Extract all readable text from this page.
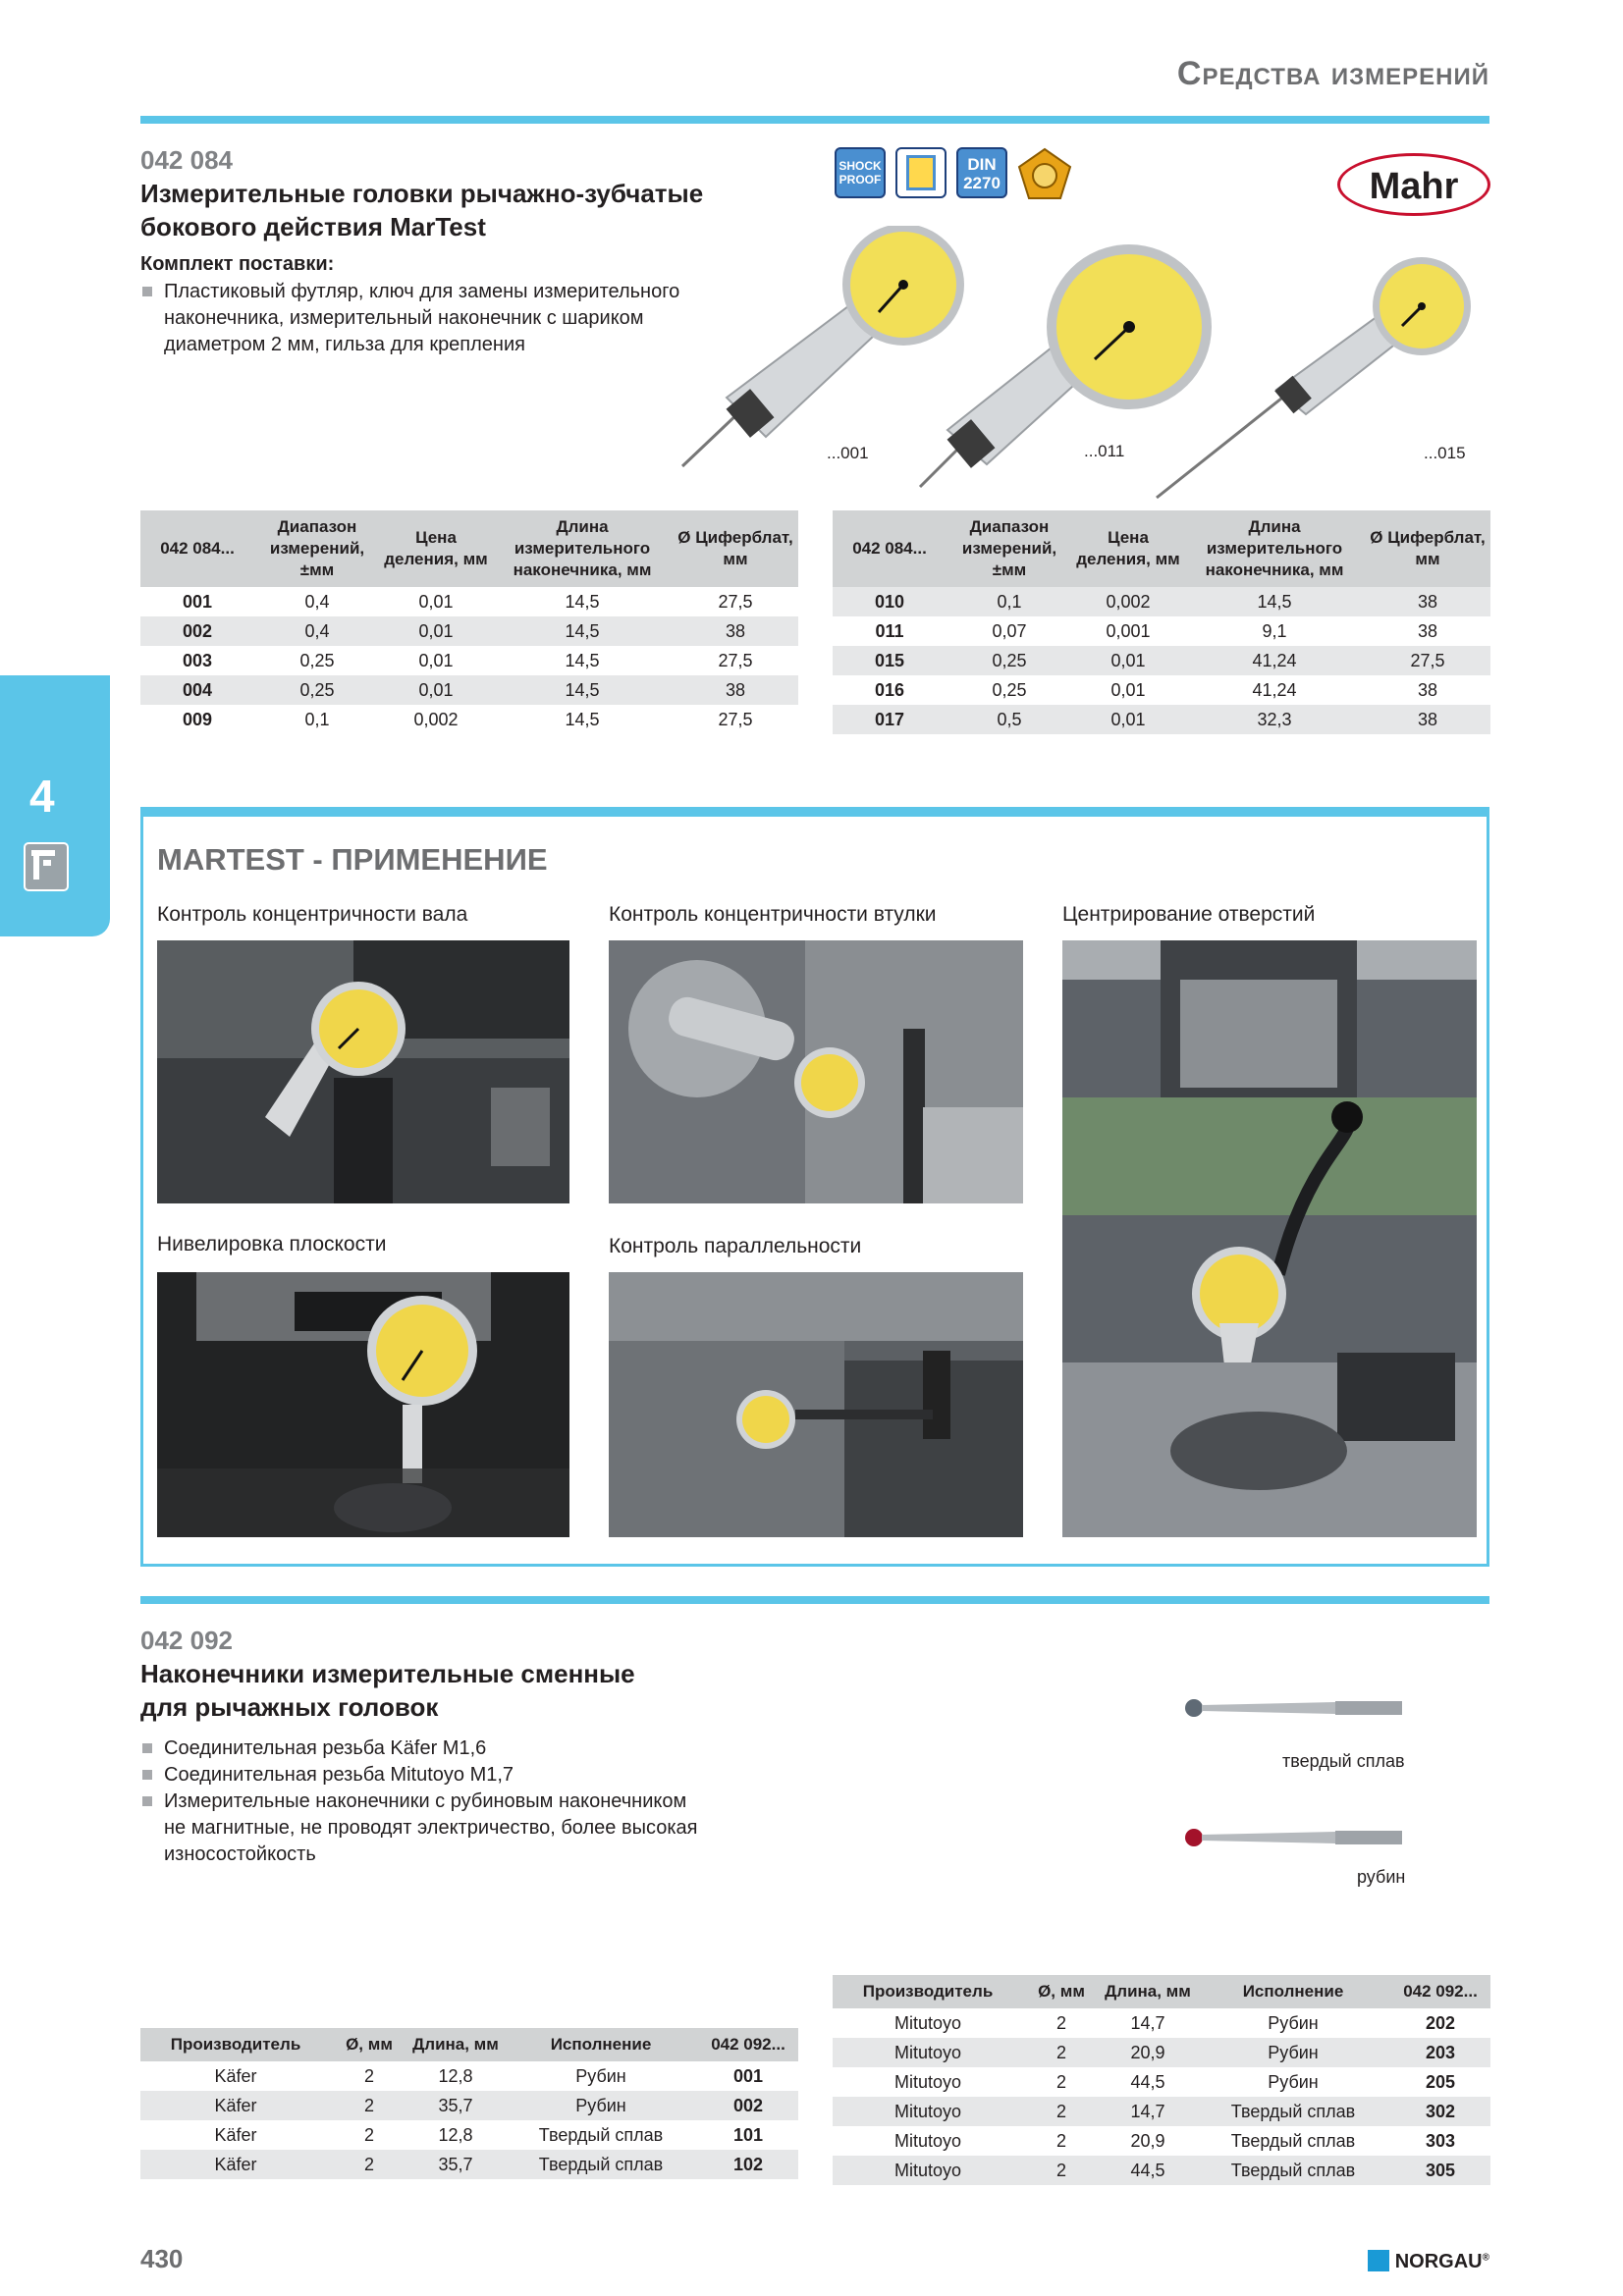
Средства измерений
4
042 084
Измерительные головки рычажно-зубчатые
бокового действия MarTest
Комплект поставки:
Пластиковый футляр, ключ для замены измерительного
наконечника, измерительный наконечник с шариком
диаметром 2 мм, гильза для крепления
SHOCK
PROOF
DIN
2270	Mahr
...001	...011	...015
042 084...	Диапазон измерений, ±мм	Цена деления, мм	Длина измерительного наконечника, мм	Ø Циферблат, мм
001	0,4	0,01	14,5	27,5
002	0,4	0,01	14,5	38
003	0,25	0,01	14,5	27,5
004	0,25	0,01	14,5	38
009	0,1	0,002	14,5	27,5
042 084...	Диапазон измерений, ±мм	Цена деления, мм	Длина измерительного наконечника, мм	Ø Циферблат, мм
010	0,1	0,002	14,5	38
011	0,07	0,001	9,1	38
015	0,25	0,01	41,24	27,5
016	0,25	0,01	41,24	38
017	0,5	0,01	32,3	38
MARTEST - ПРИМЕНЕНИЕ
Контроль концентричности вала	Контроль концентричности втулки	Центрирование отверстий
Нивелировка плоскости	Контроль параллельности
042 092
Наконечники измерительные сменные
для рычажных головок
Соединительная резьба Käfer M1,6
Соединительная резьба Mitutoyo M1,7
Измерительные наконечники с рубиновым наконечником
не магнитные, не проводят электричество, более высокая
износостойкость
твердый сплав
рубин
Производитель	Ø, мм	Длина, мм	Исполнение	042 092...
Käfer	2	12,8	Рубин	001
Käfer	2	35,7	Рубин	002
Käfer	2	12,8	Твердый сплав	101
Käfer	2	35,7	Твердый сплав	102
Производитель	Ø, мм	Длина, мм	Исполнение	042 092...
Mitutoyo	2	14,7	Рубин	202
Mitutoyo	2	20,9	Рубин	203
Mitutoyo	2	44,5	Рубин	205
Mitutoyo	2	14,7	Твердый сплав	302
Mitutoyo	2	20,9	Твердый сплав	303
Mitutoyo	2	44,5	Твердый сплав	305
430	NORGAU®
